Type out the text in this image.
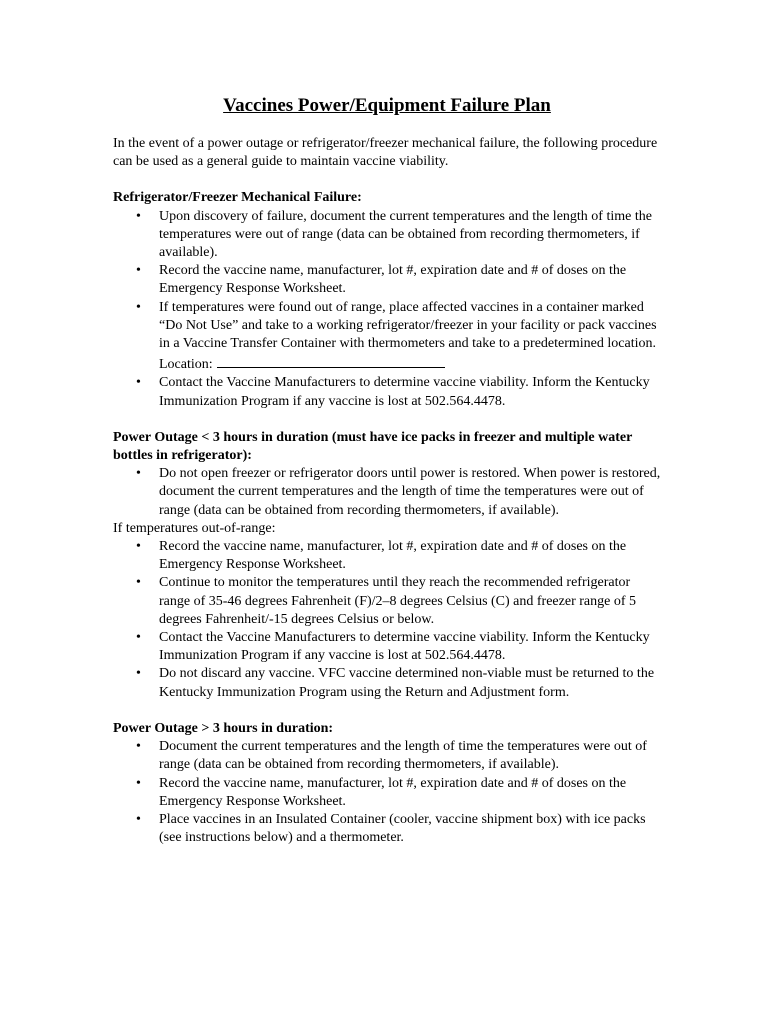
Vaccines Power/Equipment Failure Plan

In the event of a power outage or refrigerator/freezer mechanical failure, the following procedure can be used as a general guide to maintain vaccine viability.

Refrigerator/Freezer Mechanical Failure:

• Upon discovery of failure, document the current temperatures and the length of time the temperatures were out of range (data can be obtained from recording thermometers, if available).
• Record the vaccine name, manufacturer, lot #, expiration date and # of doses on the Emergency Response Worksheet.
• If temperatures were found out of range, place affected vaccines in a container marked “Do Not Use” and take to a working refrigerator/freezer in your facility or pack vaccines in a Vaccine Transfer Container with thermometers and take to a predetermined location.
Location:
• Contact the Vaccine Manufacturers to determine vaccine viability. Inform the Kentucky Immunization Program if any vaccine is lost at 502.564.4478.

Power Outage < 3 hours in duration (must have ice packs in freezer and multiple water bottles in refrigerator):

• Do not open freezer or refrigerator doors until power is restored. When power is restored, document the current temperatures and the length of time the temperatures were out of range (data can be obtained from recording thermometers, if available).

If temperatures out-of-range:

• Record the vaccine name, manufacturer, lot #, expiration date and # of doses on the Emergency Response Worksheet.
• Continue to monitor the temperatures until they reach the recommended refrigerator range of 35-46 degrees Fahrenheit (F)/2–8 degrees Celsius (C) and freezer range of 5 degrees Fahrenheit/-15 degrees Celsius or below.
• Contact the Vaccine Manufacturers to determine vaccine viability. Inform the Kentucky Immunization Program if any vaccine is lost at 502.564.4478.
• Do not discard any vaccine. VFC vaccine determined non-viable must be returned to the Kentucky Immunization Program using the Return and Adjustment form.

Power Outage > 3 hours in duration:

• Document the current temperatures and the length of time the temperatures were out of range (data can be obtained from recording thermometers, if available).
• Record the vaccine name, manufacturer, lot #, expiration date and # of doses on the Emergency Response Worksheet.
• Place vaccines in an Insulated Container (cooler, vaccine shipment box) with ice packs (see instructions below) and a thermometer.
